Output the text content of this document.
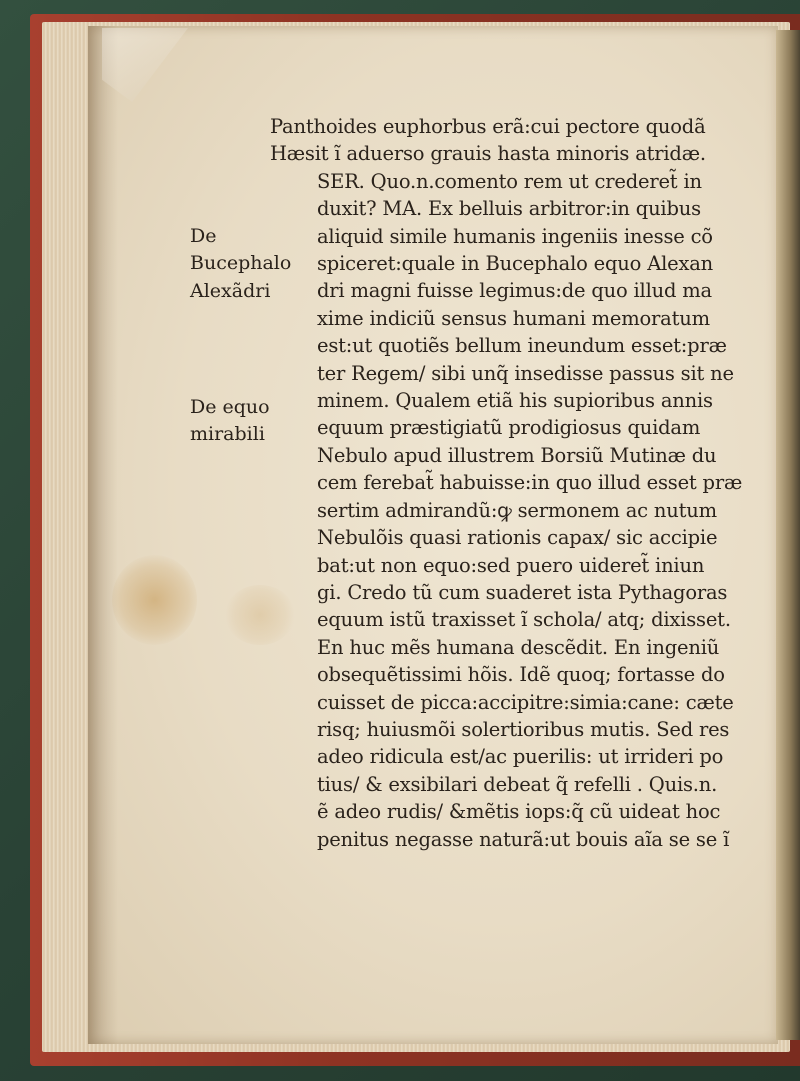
De
Bucephalo
Alexãdri
De equo
mirabili
Panthoides euphorbus erã:cui pectore quodã
Hæsit ĩ aduerso grauis hasta minoris atridæ.
SER. Quo.n.comento rem ut crederet̃ in
duxit? MA. Ex belluis arbitror:in quibus
aliquid simile humanis ingeniis inesse cõ
spiceret:quale in Bucephalo equo Alexan
dri magni fuisse legimus:de quo illud ma
xime indiciũ sensus humani memoratum
est:ut quotiẽs bellum ineundum esset:præ
ter Regem/ sibi unq̃ insedisse passus sit ne
minem. Qualem etiã his supioribus annis
equum præstigiatũ prodigiosus quidam
Nebulo apud illustrem Borsiũ Mutinæ du
cem ferebat̃ habuisse:in quo illud esset præ
sertim admirandũ:ꝙ sermonem ac nutum
Nebulõis quasi rationis capax/ sic accipie
bat:ut non equo:sed puero uideret̃ iniun
gi. Credo tũ cum suaderet ista Pythagoras
equum istũ traxisset ĩ schola/ atq; dixisset.
En huc mẽs humana descẽdit. En ingeniũ
obsequẽtissimi hõis. Idẽ quoq; fortasse do
cuisset de picca:accipitre:simia:cane: cæte
risq; huiusmõi solertioribus mutis. Sed res
adeo ridicula est/ac puerilis: ut irrideri po
tius/ & exsibilari debeat q̃ refelli . Quis.n.
ẽ adeo rudis/ &mẽtis iops:q̃ cũ uideat hoc
penitus negasse naturã:ut bouis aĩa se se ĩ
